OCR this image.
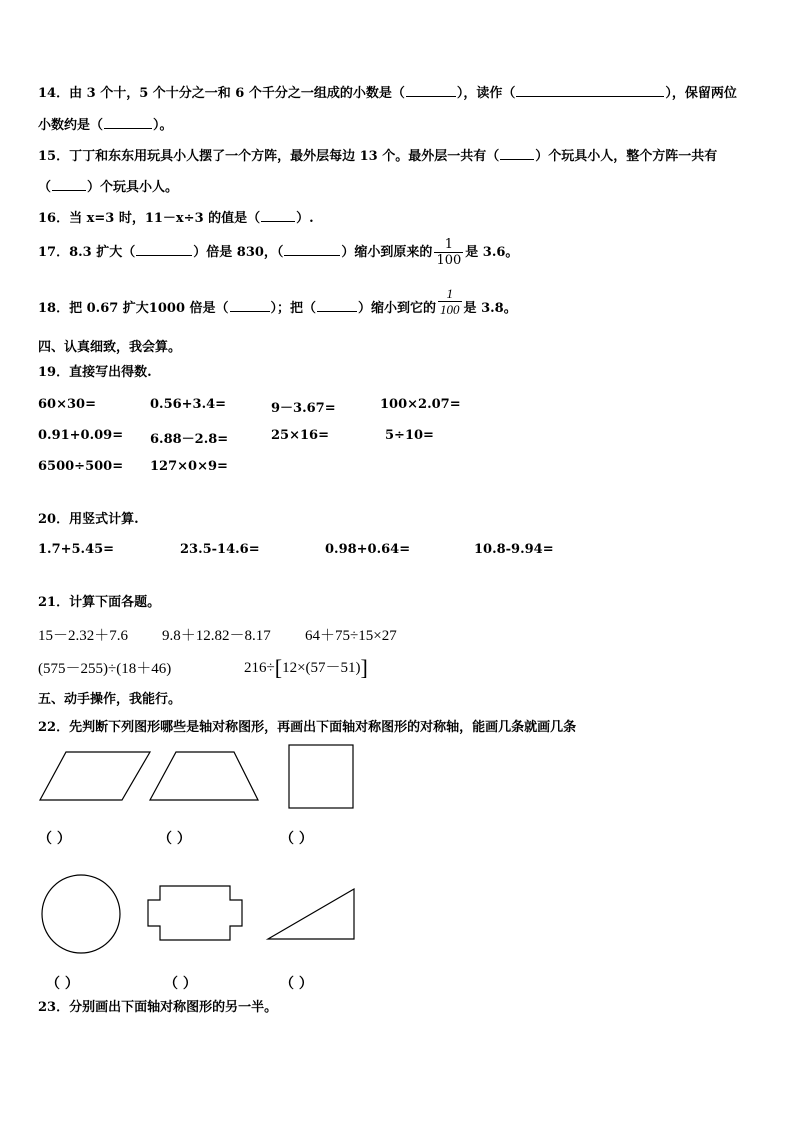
14．由 3 个十，5 个十分之一和 6 个千分之一组成的小数是（	），读作（	），保留两位
小数约是（	）。
15．丁丁和东东用玩具小人摆了一个方阵，最外层每边 13 个。最外层一共有（	）个玩具小人，整个方阵一共有
（	）个玩具小人。
16．当 x=3 时，11－x÷3 的值是（	）.
17．8.3 扩大（	）倍是 830，（	）缩小到原来的 $\frac{1}{100}$ 是 3.6。
18．把 0.67 扩大1000 倍是（	）；把（	）缩小到它的 $\frac{1}{100}$ 是 3.8。
四、认真细致，我会算。
19．直接写出得数.
60×30=	0.56+3.4=	9－3.67=	100×2.07=
0.91+0.09= 6.88－2.8=	25×16=	5÷10=
6500÷500= 127×0×9=
20．用竖式计算.
1.7+5.45=	23.5-14.6=	0.98+0.64=	10.8-9.94=
21．计算下面各题。
15－2.32＋7.6 9.8＋12.82－8.17 64＋75÷15×27
(575－255)÷(18＋46)	216÷[12×(57－51)]
五、动手操作，我能行。
22．先判断下列图形哪些是轴对称图形，再画出下面轴对称图形的对称轴，能画几条就画几条
（ ）	（ ）	（ ）
（ ）	（ ）	（ ）
23．分别画出下面轴对称图形的另一半。
